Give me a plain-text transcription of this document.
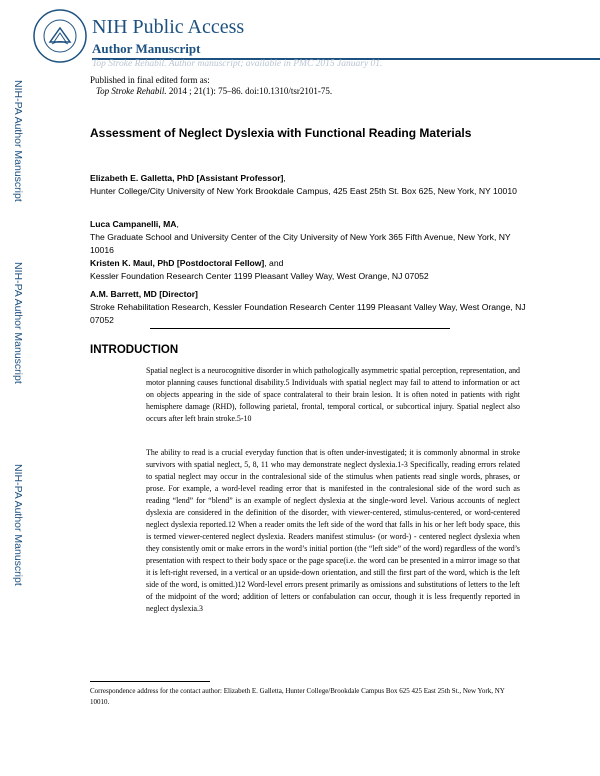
NIH Public Access
Author Manuscript
Top Stroke Rehabil. Author manuscript; available in PMC 2015 January 01.
NIH-PA Author Manuscript
NIH-PA Author Manuscript
NIH-PA Author Manuscript
Published in final edited form as:
Top Stroke Rehabil. 2014 ; 21(1): 75–86. doi:10.1310/tsr2101-75.
Assessment of Neglect Dyslexia with Functional Reading Materials
Elizabeth E. Galletta, PhD [Assistant Professor],
Hunter College/City University of New York Brookdale Campus, 425 East 25th St. Box 625, New York, NY 10010
Luca Campanelli, MA,
The Graduate School and University Center of the City University of New York 365 Fifth Avenue, New York, NY 10016
Kristen K. Maul, PhD [Postdoctoral Fellow], and
Kessler Foundation Research Center 1199 Pleasant Valley Way, West Orange, NJ 07052
A.M. Barrett, MD [Director]
Stroke Rehabilitation Research, Kessler Foundation Research Center 1199 Pleasant Valley Way, West Orange, NJ 07052
INTRODUCTION
Spatial neglect is a neurocognitive disorder in which pathologically asymmetric spatial perception, representation, and motor planning causes functional disability.5 Individuals with spatial neglect may fail to attend to information or act on objects appearing in the side of space contralateral to their brain lesion. It is often noted in patients with right hemisphere damage (RHD), following parietal, frontal, temporal cortical, or subcortical injury. Spatial neglect also occurs after left brain stroke.5-10
The ability to read is a crucial everyday function that is often under-investigated; it is commonly abnormal in stroke survivors with spatial neglect, 5, 8, 11 who may demonstrate neglect dyslexia.1-3 Specifically, reading errors related to spatial neglect may occur in the contralesional side of the stimulus when patients read single words, phrases, or prose. For example, a word-level reading error that is manifested in the contralesional side of the word such as reading “lend” for “blend” is an example of neglect dyslexia at the single-word level. Various accounts of neglect dyslexia are considered in the definition of the disorder, with viewer-centered, stimulus-centered, or word-centered neglect dyslexia reported.12 When a reader omits the left side of the word that falls in his or her left body space, this is termed viewer-centered neglect dyslexia. Readers manifest stimulus- (or word-) - centered neglect dyslexia when they consistently omit or make errors in the word’s initial portion (the “left side” of the word) regardless of the word’s presentation with respect to their body space or the page space(i.e. the word can be presented in a mirror image so that it is left-right reversed, in a vertical or an upside-down orientation, and still the first part of the word, which is the left side of the word, is omitted.)12 Word-level errors present primarily as omissions and substitutions of letters to the left of the midpoint of the word; addition of letters or confabulation can occur, though it is less frequently reported in neglect dyslexia.3
Correspondence address for the contact author: Elizabeth E. Galletta, Hunter College/Brookdale Campus Box 625 425 East 25th St., New York, NY 10010.
